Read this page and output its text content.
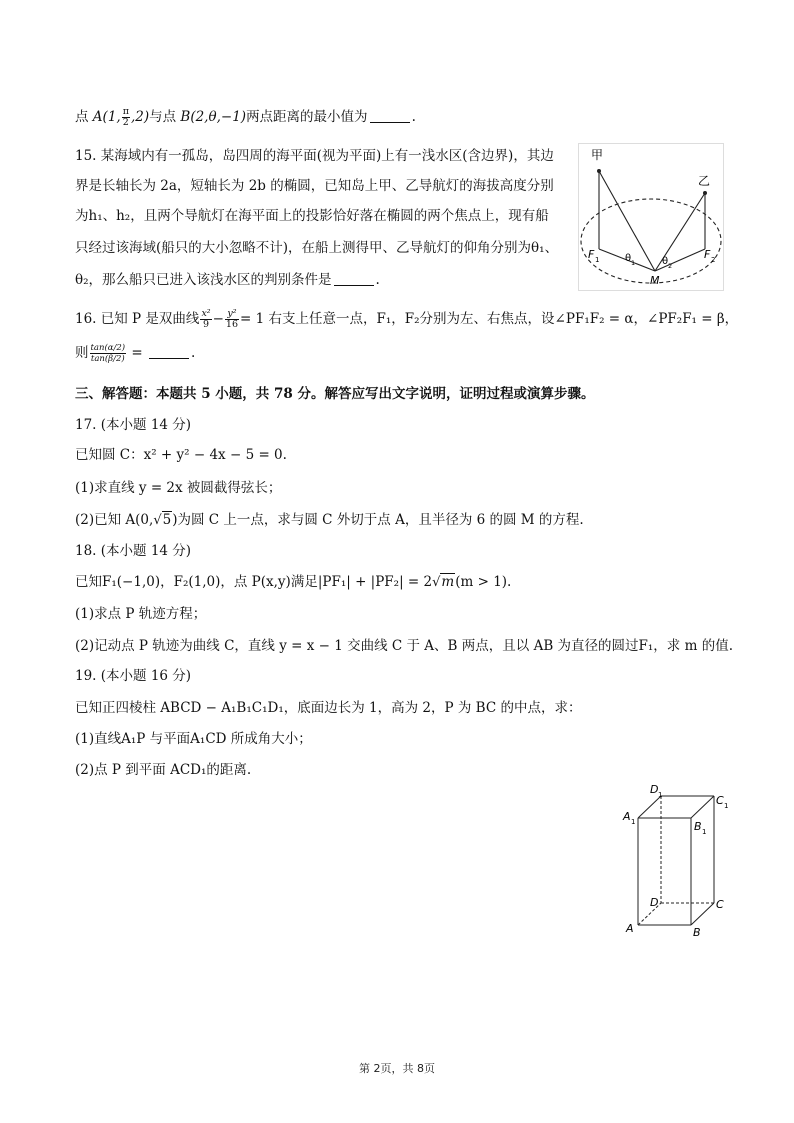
点 A(1, $\frac{\pi}{2} ,2$)与点 B(2,θ,−1)两点距离的最小值为	.
15. 某海域内有一孤岛，岛四周的海平面(视为平面)上有一浅水区(含边界)，其边
界是长轴长为 2a，短轴长为 2b 的椭圆，已知岛上甲、乙导航灯的海拔高度分别
为h₁、h₂，且两个导航灯在海平面上的投影恰好落在椭圆的两个焦点上，现有船
只经过该海域(船只的大小忽略不计)，在船上测得甲、乙导航灯的仰角分别为θ₁、
θ₂，那么船只已进入该浅水区的判别条件是	.
甲
乙
F 1	F 2
θ 1	θ 2
M
16. 已知 P 是双曲线 $\frac{\text{x²}}{9} - \frac{\text{y²}}{16} = 1$ 右支上任意一点，F₁，F₂分别为左、右焦点，设∠PF₁F₂ = α，∠PF₂F₁ = β，
则 $\frac{\tan(\alpha/2)}{\tan(\beta/2)}$ =	.
三、解答题：本题共 5 小题，共 78 分。解答应写出文字说明，证明过程或演算步骤。
17. (本小题 14 分)
已知圆 C：x² + y² − 4x − 5 = 0.
(1)求直线 y = 2x 被圆截得弦长；
(2)已知 A(0,√5)为圆 C 上一点，求与圆 C 外切于点 A，且半径为 6 的圆 M 的方程.
18. (本小题 14 分)
已知F₁(−1,0)，F₂(1,0)，点 P(x,y)满足|PF₁| + |PF₂| = 2√m(m > 1).
(1)求点 P 轨迹方程；
(2)记动点 P 轨迹为曲线 C，直线 y = x − 1 交曲线 C 于 A、B 两点，且以 AB 为直径的圆过F₁，求 m 的值.
19. (本小题 16 分)
已知正四棱柱 ABCD − A₁B₁C₁D₁，底面边长为 1，高为 2，P 为 BC 的中点，求：
(1)直线A₁P 与平面A₁CD 所成角大小；
(2)点 P 到平面 ACD₁的距离.
A	B
C
D
A 1	B 1
C 1
D 1
第 2页，共 8页
